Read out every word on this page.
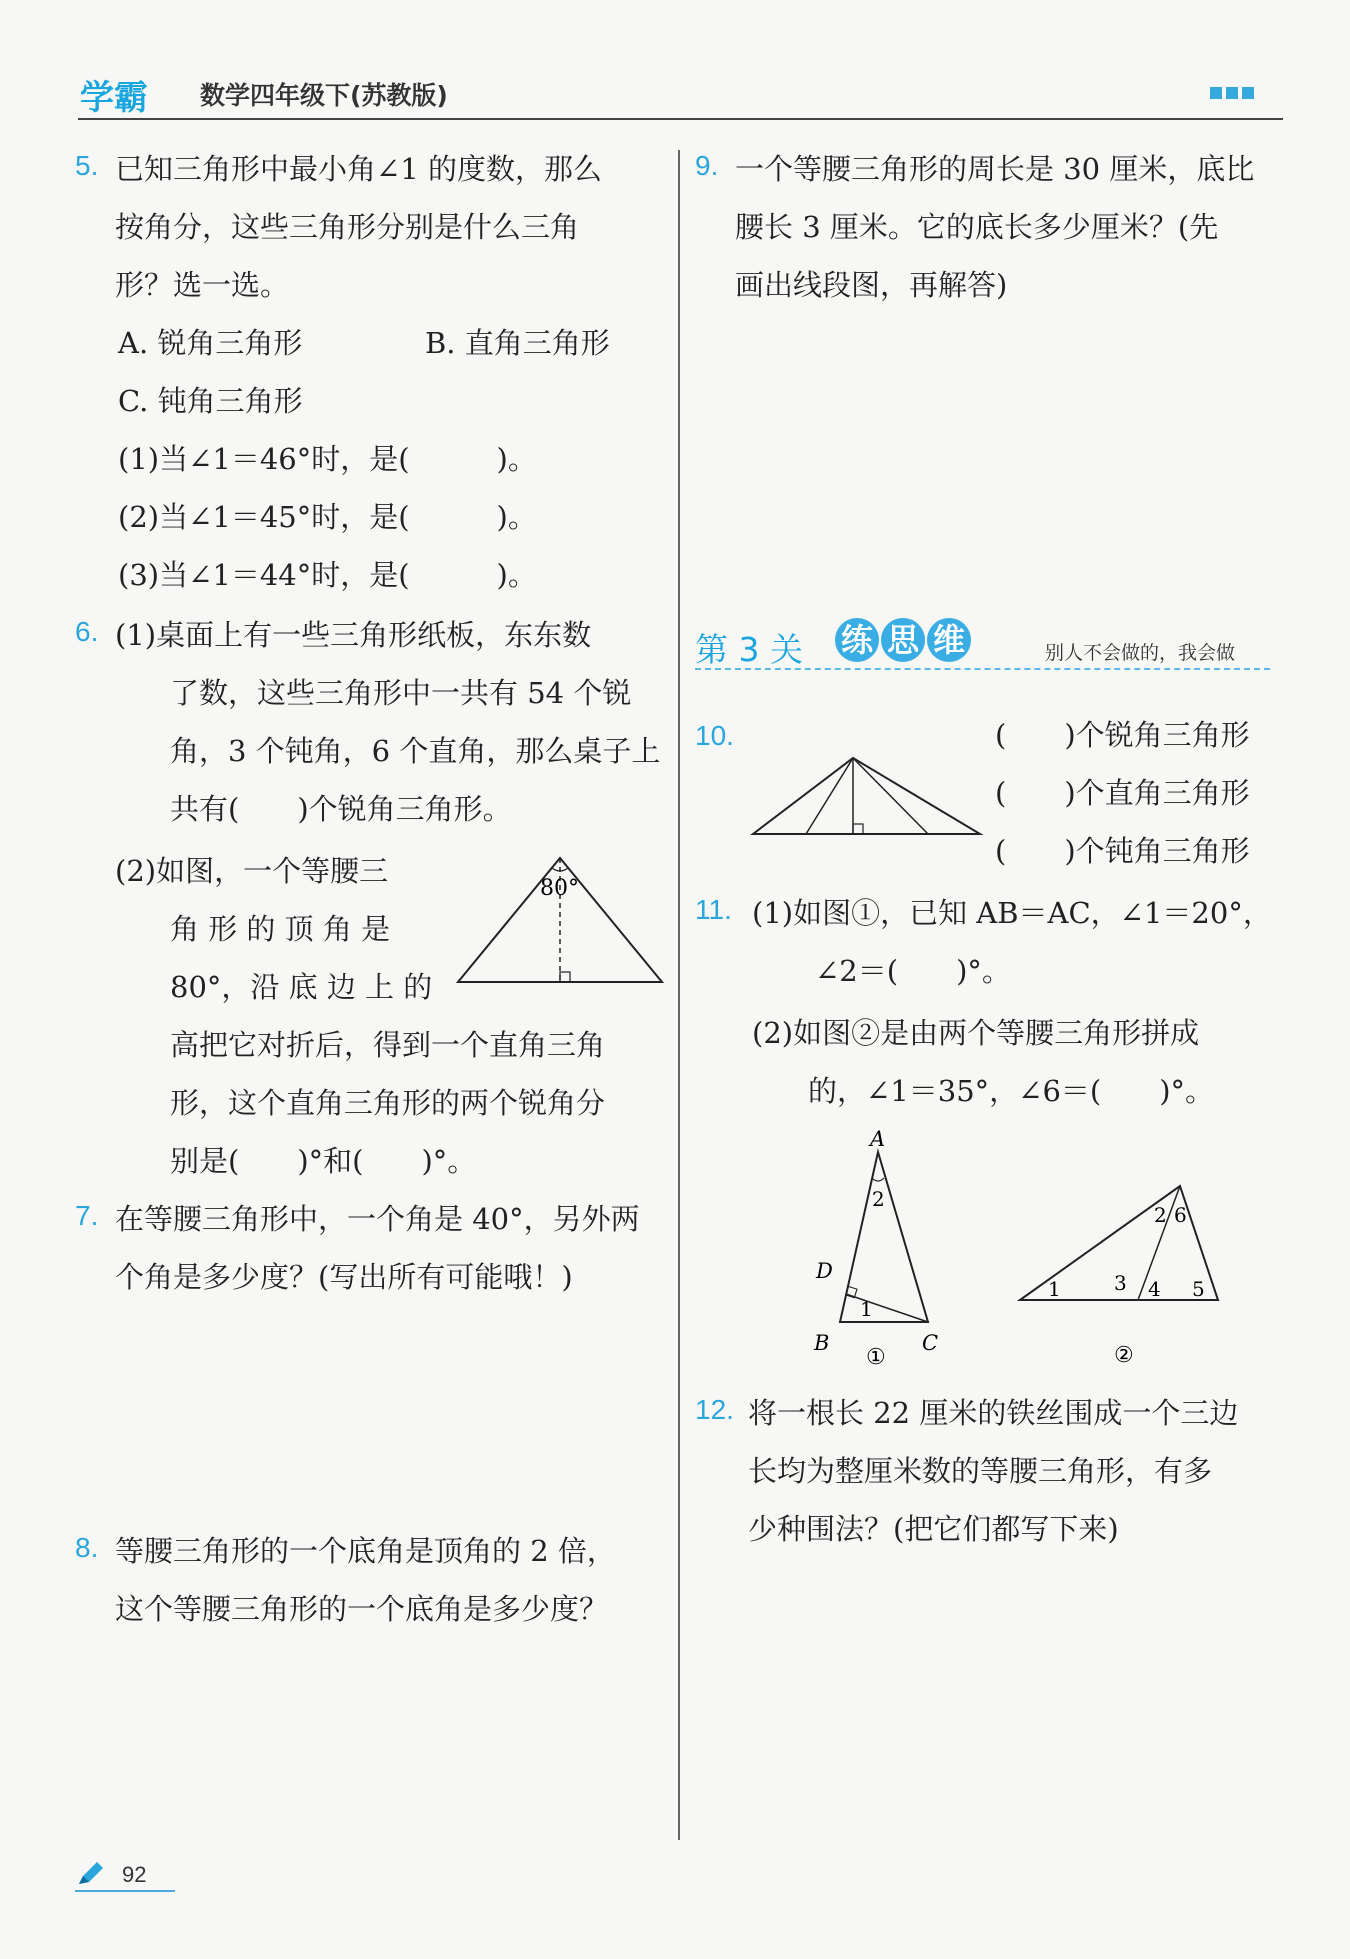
学霸 数学四年级下(苏教版)
5. 已知三角形中最小角∠1 的度数，那么
按角分，这些三角形分别是什么三角
形？选一选。
A. 锐角三角形	B. 直角三角形
C. 钝角三角形
(1)当∠1＝46°时，是(　　　)。
(2)当∠1＝45°时，是(　　　)。
(3)当∠1＝44°时，是(　　　)。
6. (1)桌面上有一些三角形纸板，东东数
了数，这些三角形中一共有 54 个锐
角，3 个钝角，6 个直角，那么桌子上
共有(　　)个锐角三角形。
(2)如图，一个等腰三
角 形 的 顶 角 是
80°，沿 底 边 上 的
高把它对折后，得到一个直角三角
形，这个直角三角形的两个锐角分
别是(　　)°和(　　)°。
80°
7. 在等腰三角形中，一个角是 40°，另外两
个角是多少度？(写出所有可能哦！)
8. 等腰三角形的一个底角是顶角的 2 倍，
这个等腰三角形的一个底角是多少度？
9. 一个等腰三角形的周长是 30 厘米，底比
腰长 3 厘米。它的底长多少厘米？(先
画出线段图，再解答)
第 3 关 练 思 维	别人不会做的，我会做
10.	(　　)个锐角三角形
(　　)个直角三角形
(　　)个钝角三角形
11. (1)如图①，已知 AB＝AC，∠1＝20°，
∠2＝(　　)°。
(2)如图②是由两个等腰三角形拼成
的，∠1＝35°，∠6＝(　　)°。
A
D
B	C
2
1
①
1
2
3 4 5
6
②
12. 将一根长 22 厘米的铁丝围成一个三边
长均为整厘米数的等腰三角形，有多
少种围法？(把它们都写下来)
92
